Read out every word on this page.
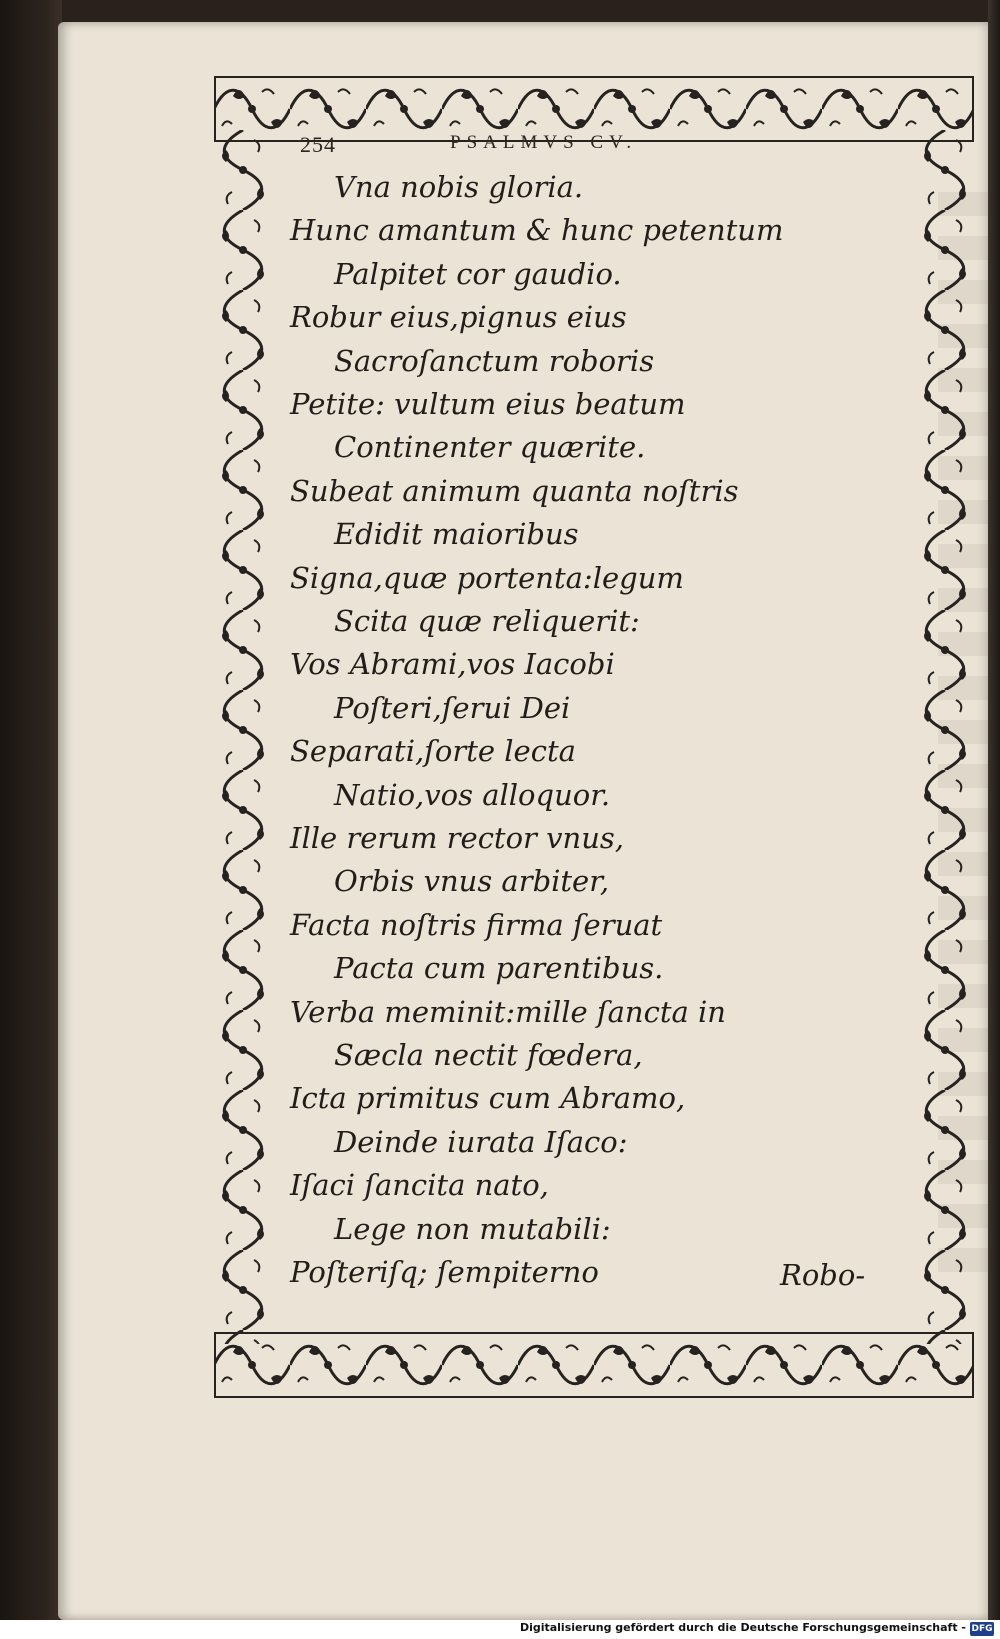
254	PSALMVS CV.

Vna nobis gloria.

Hunc amantum & hunc petentum

Palpitet cor gaudio.

Robur eius,pignus eius

Sacroſanctum roboris

Petite: vultum eius beatum

Continenter quærite.

Subeat animum quanta noſtris

Edidit maioribus

Signa,quæ portenta:legum

Scita quæ reliquerit:

Vos Abrami,vos Iacobi

Poſteri,ſerui Dei

Separati,ſorte lecta

Natio,vos alloquor.

Ille rerum rector vnus,

Orbis vnus arbiter,

Facta noſtris firma ſeruat

Pacta cum parentibus.

Verba meminit:mille ſancta in

Sæcla nectit fœdera,

Icta primitus cum Abramo,

Deinde iurata Iſaco:

Iſaci ſancita nato,

Lege non mutabili:

Poſteriſq; ſempiterno	Robo-
Digitalisierung gefördert durch die Deutsche Forschungsgemeinschaft - DFG
